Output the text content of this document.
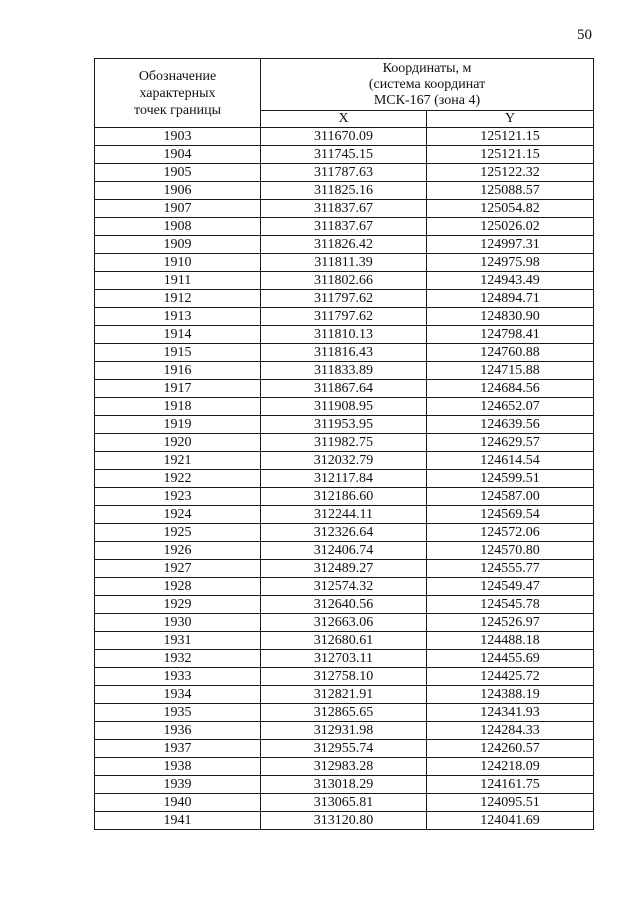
50
Обозначение
характерных
точек границы	Координаты, м
(система координат
МСК-167 (зона 4)	

	X	Y
1903	311670.09	125121.15
1904	311745.15	125121.15
1905	311787.63	125122.32
1906	311825.16	125088.57
1907	311837.67	125054.82
1908	311837.67	125026.02
1909	311826.42	124997.31
1910	311811.39	124975.98
1911	311802.66	124943.49
1912	311797.62	124894.71
1913	311797.62	124830.90
1914	311810.13	124798.41
1915	311816.43	124760.88
1916	311833.89	124715.88
1917	311867.64	124684.56
1918	311908.95	124652.07
1919	311953.95	124639.56
1920	311982.75	124629.57
1921	312032.79	124614.54
1922	312117.84	124599.51
1923	312186.60	124587.00
1924	312244.11	124569.54
1925	312326.64	124572.06
1926	312406.74	124570.80
1927	312489.27	124555.77
1928	312574.32	124549.47
1929	312640.56	124545.78
1930	312663.06	124526.97
1931	312680.61	124488.18
1932	312703.11	124455.69
1933	312758.10	124425.72
1934	312821.91	124388.19
1935	312865.65	124341.93
1936	312931.98	124284.33
1937	312955.74	124260.57
1938	312983.28	124218.09
1939	313018.29	124161.75
1940	313065.81	124095.51
1941	313120.80	124041.69
